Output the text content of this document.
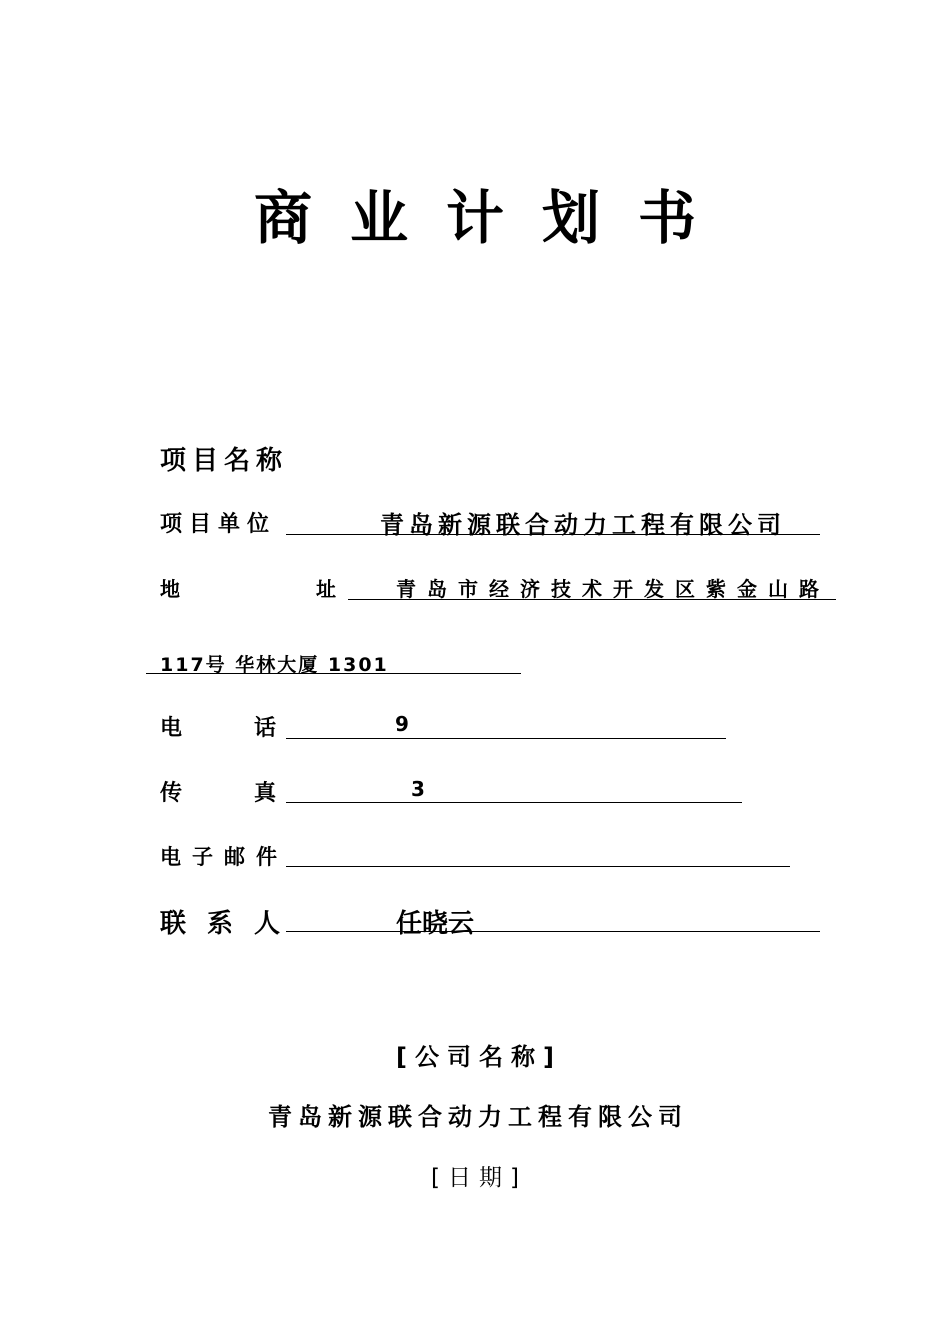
商业计划书
项目名称
项目单位	青岛新源联合动力工程有限公司
地	址	青岛市经济技术开发区紫金山路
117号 华林大厦 1301
电	话	9
传	真	3
电子邮件
联系人	任晓云
[公司名称]
青岛新源联合动力工程有限公司
[日期]
